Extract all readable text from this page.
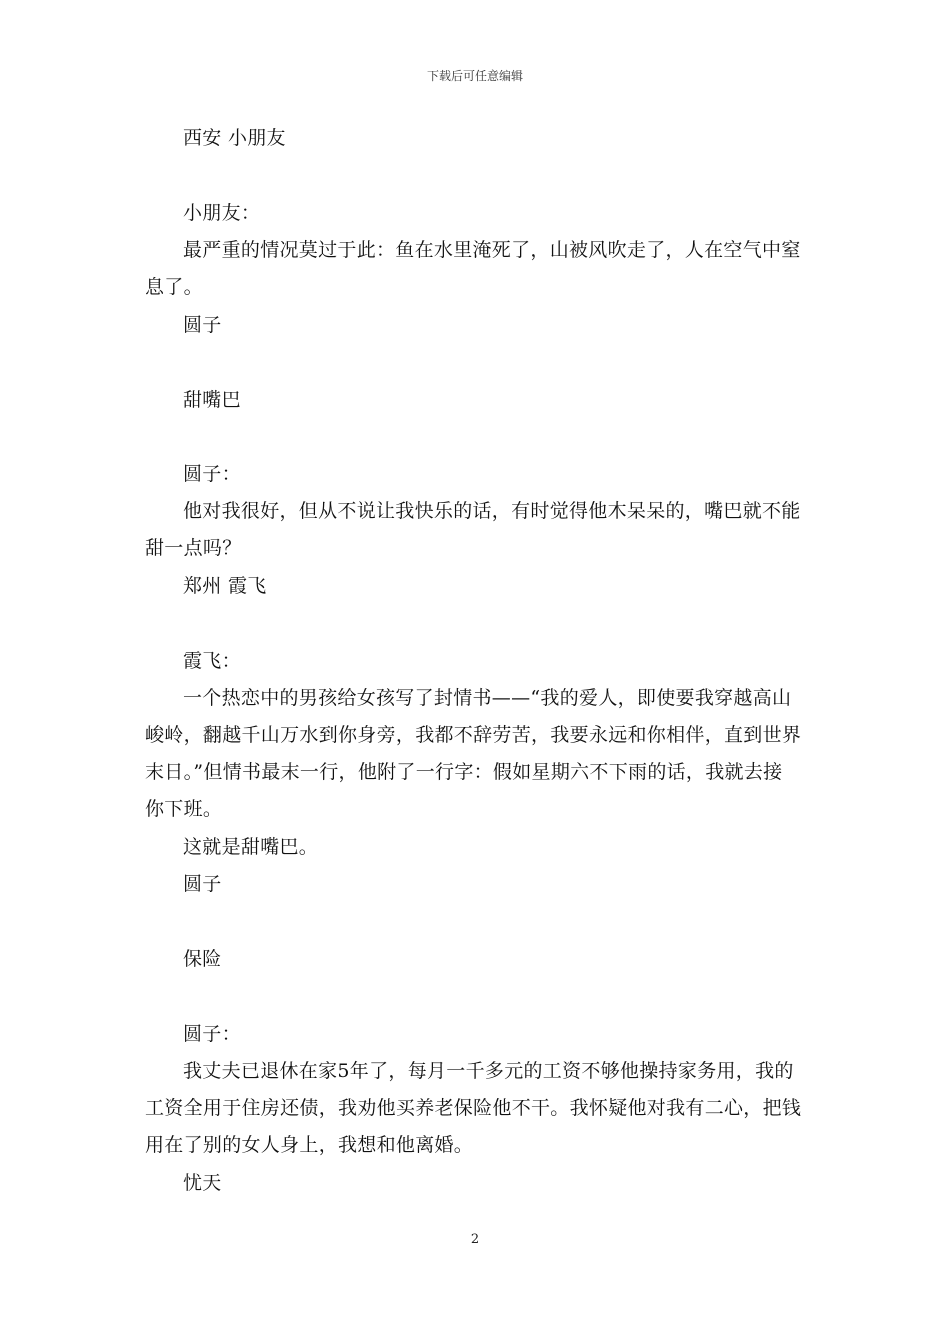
下载后可任意编辑
西安 小朋友
小朋友：
最严重的情况莫过于此：鱼在水里淹死了，山被风吹走了，人在空气中窒
息了。
圆子
甜嘴巴
圆子：
他对我很好，但从不说让我快乐的话，有时觉得他木呆呆的，嘴巴就不能
甜一点吗？
郑州 霞飞
霞飞：
一个热恋中的男孩给女孩写了封情书——“我的爱人，即使要我穿越高山
峻岭，翻越千山万水到你身旁，我都不辞劳苦，我要永远和你相伴，直到世界
末日。”但情书最末一行，他附了一行字：假如星期六不下雨的话，我就去接
你下班。
这就是甜嘴巴。
圆子
保险
圆子：
我丈夫已退休在家5年了，每月一千多元的工资不够他操持家务用，我的
工资全用于住房还债，我劝他买养老保险他不干。我怀疑他对我有二心，把钱
用在了别的女人身上，我想和他离婚。
忧天
2
